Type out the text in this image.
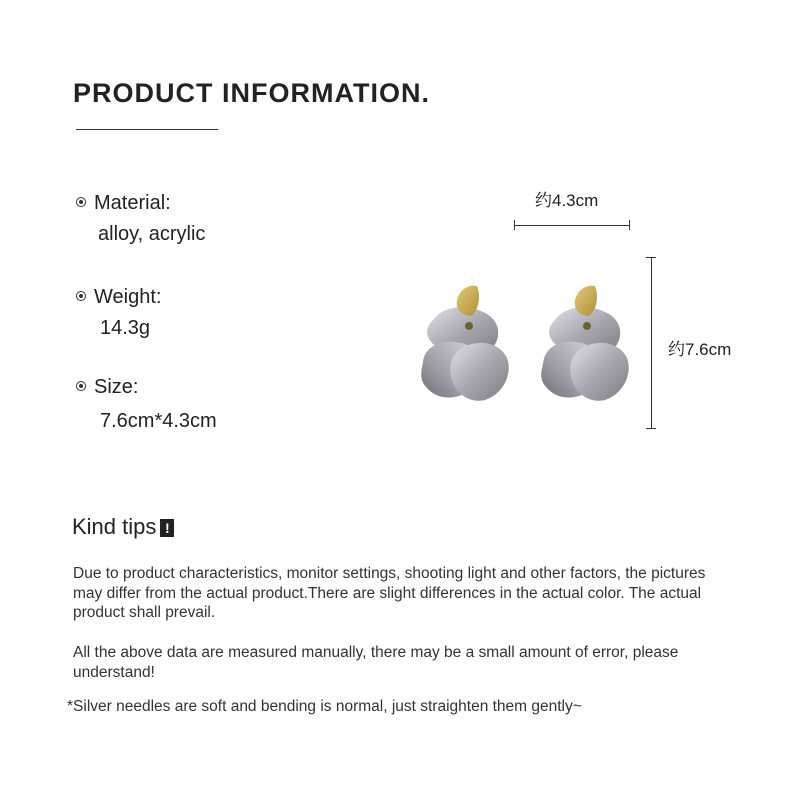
PRODUCT INFORMATION.
Material:
alloy, acrylic
Weight:
14.3g
Size:
7.6cm*4.3cm
约4.3cm
约7.6cm
Kind tips !
Due to product characteristics, monitor settings, shooting light and other factors, the pictures may differ from the actual product.There are slight differences in the actual color. The actual product shall prevail.
All the above data are measured manually, there may be a small amount of error, please understand!
*Silver needles are soft and bending is normal, just straighten them gently~
